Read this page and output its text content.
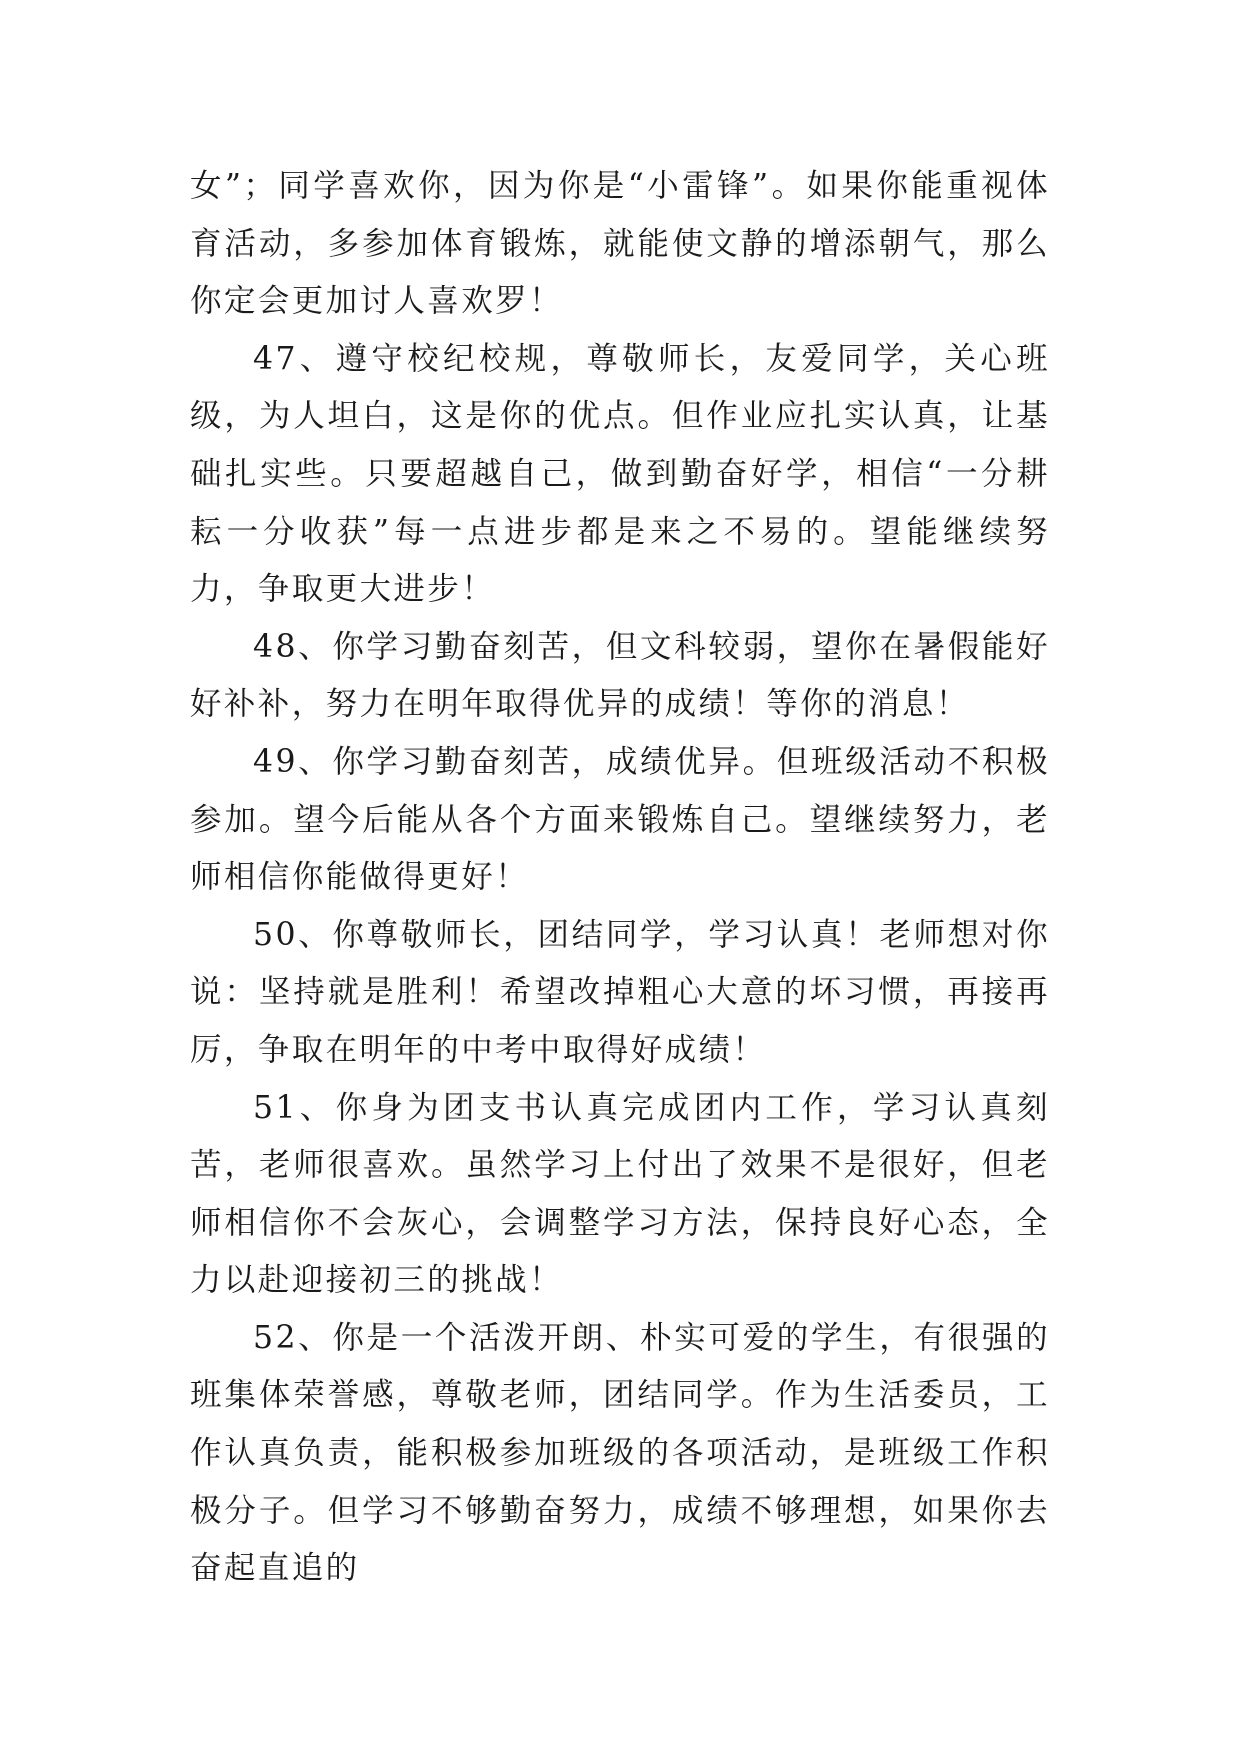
女”；同学喜欢你，因为你是“小雷锋”。如果你能重视体育活动，多参加体育锻炼，就能使文静的增添朝气，那么你定会更加讨人喜欢罗！

47、遵守校纪校规，尊敬师长，友爱同学，关心班级，为人坦白，这是你的优点。但作业应扎实认真，让基础扎实些。只要超越自己，做到勤奋好学，相信“一分耕耘一分收获”每一点进步都是来之不易的。望能继续努力，争取更大进步！

48、你学习勤奋刻苦，但文科较弱，望你在暑假能好好补补，努力在明年取得优异的成绩！等你的消息！

49、你学习勤奋刻苦，成绩优异。但班级活动不积极参加。望今后能从各个方面来锻炼自己。望继续努力，老师相信你能做得更好！

50、你尊敬师长，团结同学，学习认真！老师想对你说：坚持就是胜利！希望改掉粗心大意的坏习惯，再接再厉，争取在明年的中考中取得好成绩！

51、你身为团支书认真完成团内工作，学习认真刻苦，老师很喜欢。虽然学习上付出了效果不是很好，但老师相信你不会灰心，会调整学习方法，保持良好心态，全力以赴迎接初三的挑战！

52、你是一个活泼开朗、朴实可爱的学生，有很强的班集体荣誉感，尊敬老师，团结同学。作为生活委员，工作认真负责，能积极参加班级的各项活动，是班级工作积极分子。但学习不够勤奋努力，成绩不够理想，如果你去奋起直追的
